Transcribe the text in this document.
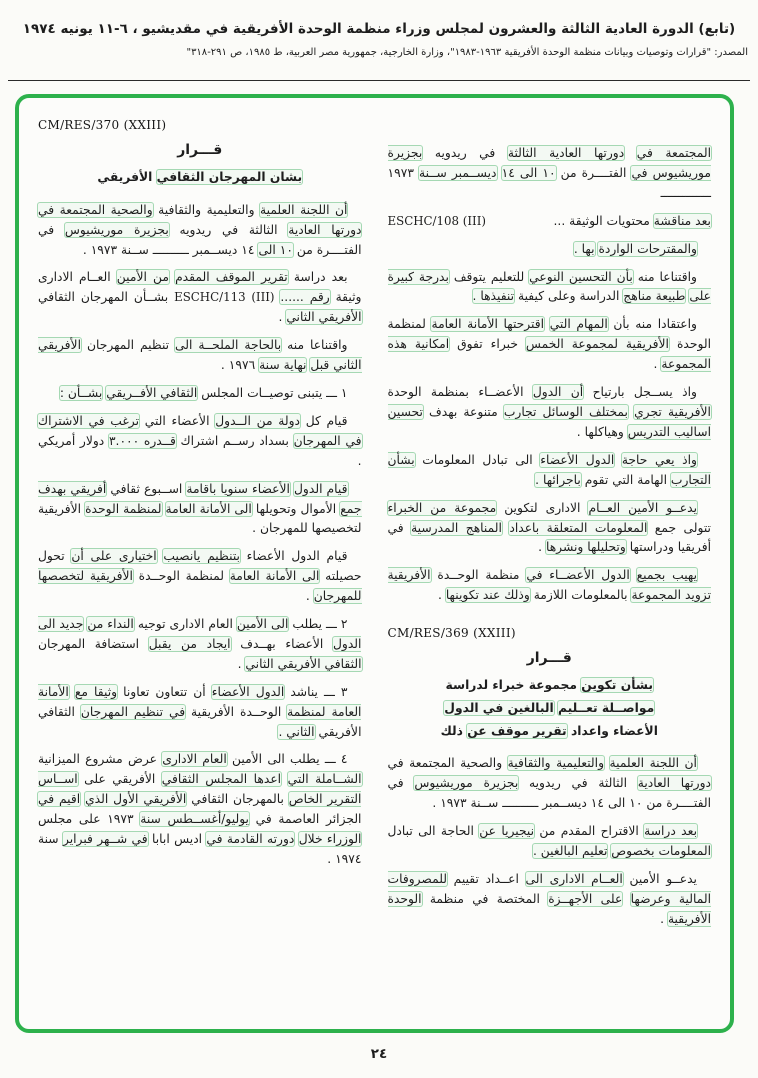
(تابع) الدورة العادية الثالثة والعشرون لمجلس وزراء منظمة الوحدة الأفريقية في مقديشيو ، ٦-١١ يونيه ١٩٧٤
المصدر: "قرارات وتوصيات وبيانات منظمة الوحدة الأفريقية ١٩٦٣-١٩٨٣"، وزارة الخارجية، جمهورية مصر العربية، ط ١٩٨٥، ص ٢٩١-٣١٨"
المجتمعة في دورتها العادية الثالثة في ريدويه بجزيرة موريشيوس في الفتــــرة من ١٠ الى ١٤ ديســمبر ســنة ١٩٧٣ ــــــــــــــ
بعد مناقشة محتويات الوثيقة ...
ESCHC/108 (III)
والمقترحات الواردة بها .
واقتناعا منه بأن التحسين النوعي للتعليم يتوقف بدرجة كبيرة على طبيعة مناهج الدراسة وعلى كيفية تنفيذها .
واعتقادا منه بأن المهام التي اقترحتها الأمانة العامة لمنظمة الوحدة الأفريقية لمجموعة الخمس خبراء تفوق امكانية هذه المجموعة .
واذ يســجل بارتياح أن الدول الأعضــاء بمنظمة الوحدة الأفريقية تجري بمختلف الوسائل تجارب متنوعة بهدف تحسين اساليب التدريس وهياكلها .
واذ يعي حاجة الدول الأعضاء الى تبادل المعلومات بشأن التجارب الهامة التي تقوم باجرائها .
يدعــو الأمين العــام الادارى لتكوين مجموعة من الخبراء تتولى جمع المعلومات المتعلقة باعداد المناهج المدرسية في أفريقيا ودراستها وتحليلها ونشرها .
يهيب بجميع الدول الأعضــاء في منظمة الوحــدة الأفريقية تزويد المجموعة بالمعلومات اللازمة وذلك عند تكوينها .
CM/RES/369 (XXIII)
قـــرار
بشأن تكوين مجموعة خبراء لدراسة
مواصــلة تعــليم البالغين في الدول
الأعضاء واعداد تقرير موقف عن ذلك
أن اللجنة العلمية والتعليمية والثقافية والصحية المجتمعة في دورتها العادية الثالثة في ريدويه بجزيرة موريشيوس في الفتــــرة من ١٠ الى ١٤ ديســمبر ــــــــــ ســنة ١٩٧٣ .
بعد دراسة الاقتراح المقدم من نيجيريا عن الحاجة الى تبادل المعلومات بخصوص تعليم البالغين .
يدعــو الأمين العــام الادارى الى اعــداد تقييم للمصروفات المالية وعرضها على الأجهــزة المختصة في منظمة الوحدة الأفريقية .
CM/RES/370 (XXIII)
قـــرار
بشان المهرجان الثقافي الأفريقي
أن اللجنة العلمية والتعليمية والثقافية والصحية المجتمعة في دورتها العادية الثالثة في ريدويه بجزيرة موريشيوس في الفتــــرة من ١٠ الى ١٤ ديســمبر ــــــــــ ســنة ١٩٧٣ .
بعد دراسة تقرير الموقف المقدم من الأمين العــام الادارى وثيقة رقم ...... ESCHC/113 (III) بشــأن المهرجان الثقافي الأفريقي الثاني .
واقتناعا منه بالحاجة الملحــة الى تنظيم المهرجان الأفريقي الثاني قبل نهاية سنة ١٩٧٦ .
١ ـــ يتبنى توصيــات المجلس الثقافي الأفــريقي بشــأن :
قيام كل دولة من الــدول الأعضاء التي ترغب في الاشتراك في المهرجان بسداد رســم اشتراك قــدره ٣.٠٠٠ دولار أمريكي .
قيام الدول الأعضاء سنويا باقامة اســبوع ثقافي أفريقي بهدف جمع الأموال وتحويلها الى الأمانة العامة لمنظمة الوحدة الأفريقية لتخصيصها للمهرجان .
قيام الدول الأعضاء بتنظيم يانصيب اختيارى على أن تحول حصيلته الى الأمانة العامة لمنظمة الوحــدة الأفريقية لتخصصها للمهرجان .
٢ ـــ يطلب الى الأمين العام الادارى توجيه النداء من جديد الى الدول الأعضاء بهــدف ايجاد من يقبل استضافة المهرجان الثقافي الأفريقي الثاني .
٣ ـــ يناشد الدول الأعضاء أن تتعاون تعاونا وثيقا مع الأمانة العامة لمنظمة الوحــدة الأفريقية في تنظيم المهرجان الثقافي الأفريقي الثاني .
٤ ـــ يطلب الى الأمين العام الادارى عرض مشروع الميزانية الشــاملة التي اعدها المجلس الثقافي الأفريقي على اســاس التقرير الخاص بالمهرجان الثقافي الأفريقي الأول الذي اقيم في الجزائر العاصمة في يوليو/أغســطس سنة ١٩٧٣ على مجلس الوزراء خلال دورته القادمة في اديس ابابا في شــهر فبراير سنة ١٩٧٤ .
٢٤
